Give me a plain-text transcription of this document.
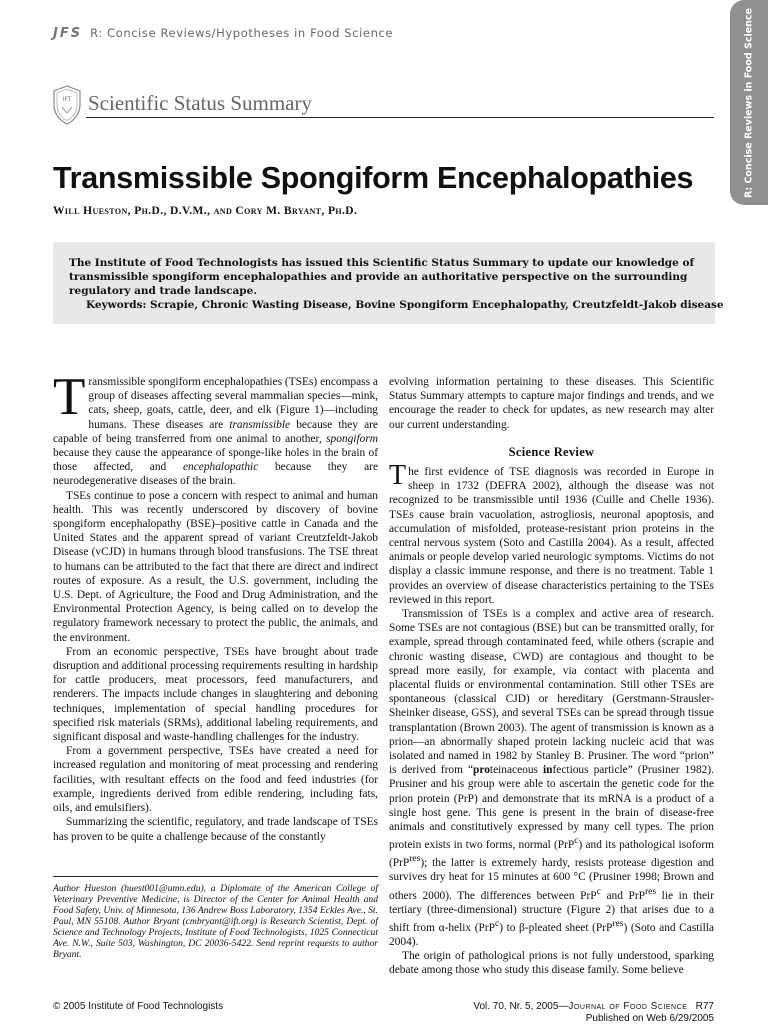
JFS R: Concise Reviews/Hypotheses in Food Science	R: Concise Reviews in Food Science
IFT Scientific Status Summary
Transmissible Spongiform Encephalopathies
Will Hueston, Ph.D., D.V.M., and Cory M. Bryant, Ph.D.
The Institute of Food Technologists has issued this Scientific Status Summary to update our knowledge of transmissible spongiform encephalopathies and provide an authoritative perspective on the surrounding regulatory and trade landscape.
Keywords: Scrapie, Chronic Wasting Disease, Bovine Spongiform Encephalopathy, Creutzfeldt-Jakob disease

Transmissible spongiform encephalopathies (TSEs) encompass a group of diseases affecting several mammalian species—mink, cats, sheep, goats, cattle, deer, and elk (Figure 1)—including humans. These diseases are transmissible because they are capable of being transferred from one animal to another, spongiform because they cause the appearance of sponge-like holes in the brain of those affected, and encephalopathic because they are neurodegenerative diseases of the brain.

TSEs continue to pose a concern with respect to animal and human health. This was recently underscored by discovery of bovine spongiform encephalopathy (BSE)–positive cattle in Canada and the United States and the apparent spread of variant Creutzfeldt-Jakob Disease (vCJD) in humans through blood transfusions. The TSE threat to humans can be attributed to the fact that there are direct and indirect routes of exposure. As a result, the U.S. government, including the U.S. Dept. of Agriculture, the Food and Drug Administration, and the Environmental Protection Agency, is being called on to develop the regulatory framework necessary to protect the public, the animals, and the environment.

From an economic perspective, TSEs have brought about trade disruption and additional processing requirements resulting in hardship for cattle producers, meat processors, feed manufacturers, and renderers. The impacts include changes in slaughtering and deboning techniques, implementation of special handling procedures for specified risk materials (SRMs), additional labeling requirements, and significant disposal and waste-handling challenges for the industry.

From a government perspective, TSEs have created a need for increased regulation and monitoring of meat processing and rendering facilities, with resultant effects on the food and feed industries (for example, ingredients derived from edible rendering, including fats, oils, and emulsifiers).

Summarizing the scientific, regulatory, and trade landscape of TSEs has proven to be quite a challenge because of the constantly

Author Hueston (huest001@umn.edu), a Diplomate of the American College of Veterinary Preventive Medicine, is Director of the Center for Animal Health and Food Safety, Univ. of Minnesota, 136 Andrew Boss Laboratory, 1354 Eckles Ave., St. Paul, MN 55108. Author Bryant (cmbryant@ift.org) is Research Scientist, Dept. of Science and Technology Projects, Institute of Food Technologists, 1025 Connecticut Ave. N.W., Suite 503, Washington, DC 20036-5422. Send reprint requests to author Bryant.

evolving information pertaining to these diseases. This Scientific Status Summary attempts to capture major findings and trends, and we encourage the reader to check for updates, as new research may alter our current understanding.

Science Review

The first evidence of TSE diagnosis was recorded in Europe in sheep in 1732 (DEFRA 2002), although the disease was not recognized to be transmissible until 1936 (Cuille and Chelle 1936). TSEs cause brain vacuolation, astrogliosis, neuronal apoptosis, and accumulation of misfolded, protease-resistant prion proteins in the central nervous system (Soto and Castilla 2004). As a result, affected animals or people develop varied neurologic symptoms. Victims do not display a classic immune response, and there is no treatment. Table 1 provides an overview of disease characteristics pertaining to the TSEs reviewed in this report.

Transmission of TSEs is a complex and active area of research. Some TSEs are not contagious (BSE) but can be transmitted orally, for example, spread through contaminated feed, while others (scrapie and chronic wasting disease, CWD) are contagious and thought to be spread more easily, for example, via contact with placenta and placental fluids or environmental contamination. Still other TSEs are spontaneous (classical CJD) or hereditary (Gerstmann-Strausler-Sheinker disease, GSS), and several TSEs can be spread through tissue transplantation (Brown 2003). The agent of transmission is known as a prion—an abnormally shaped protein lacking nucleic acid that was isolated and named in 1982 by Stanley B. Prusiner. The word “prion” is derived from “proteinaceous infectious particle” (Prusiner 1982). Prusiner and his group were able to ascertain the genetic code for the prion protein (PrP) and demonstrate that its mRNA is a product of a single host gene. This gene is present in the brain of disease-free animals and constitutively expressed by many cell types. The prion protein exists in two forms, normal (PrP$^c$) and its pathological isoform (PrP$^{res}$); the latter is extremely hardy, resists protease digestion and survives dry heat for 15 minutes at 600 °C (Prusiner 1998; Brown and others 2000). The differences between PrP$^c$ and PrP$^{res}$ lie in their tertiary (three-dimensional) structure (Figure 2) that arises due to a shift from α-helix (PrP$^c$) to β-pleated sheet (PrP$^{res}$) (Soto and Castilla 2004).

The origin of pathological prions is not fully understood, sparking debate among those who study this disease family. Some believe

© 2005 Institute of Food Technologists	Vol. 70, Nr. 5, 2005—Journal of Food Science R77
Published on Web 6/29/2005
